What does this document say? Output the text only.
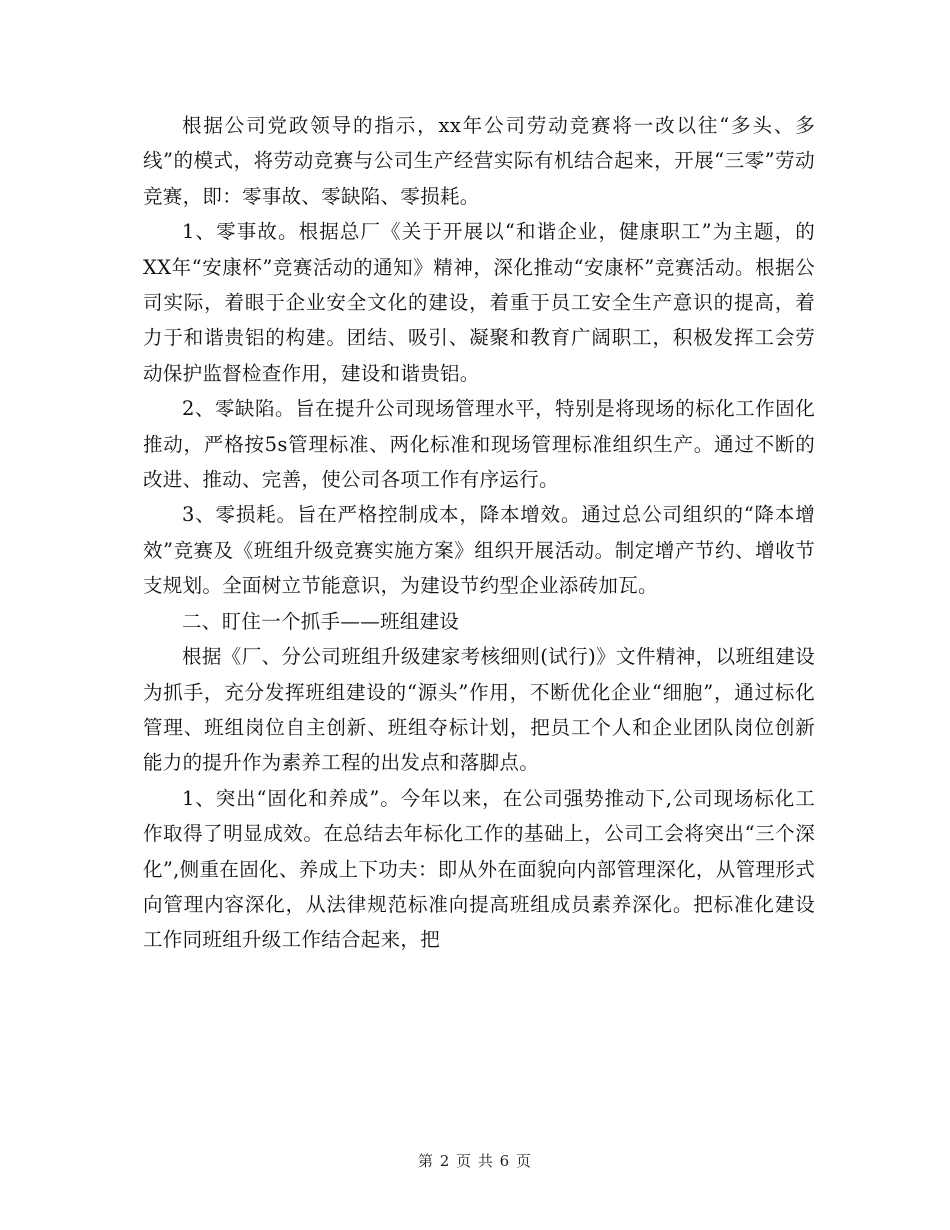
根据公司党政领导的指示，xx年公司劳动竞赛将一改以往“多头、多线”的模式，将劳动竞赛与公司生产经营实际有机结合起来，开展“三零”劳动竞赛，即：零事故、零缺陷、零损耗。

1、零事故。根据总厂《关于开展以“和谐企业，健康职工”为主题，的XX年“安康杯”竞赛活动的通知》精神，深化推动“安康杯”竞赛活动。根据公司实际，着眼于企业安全文化的建设，着重于员工安全生产意识的提高，着力于和谐贵铝的构建。团结、吸引、凝聚和教育广阔职工，积极发挥工会劳动保护监督检查作用，建设和谐贵铝。

2、零缺陷。旨在提升公司现场管理水平，特别是将现场的标化工作固化推动，严格按5s管理标准、两化标准和现场管理标准组织生产。通过不断的改进、推动、完善，使公司各项工作有序运行。

3、零损耗。旨在严格控制成本，降本增效。通过总公司组织的“降本增效”竞赛及《班组升级竞赛实施方案》组织开展活动。制定增产节约、增收节支规划。全面树立节能意识，为建设节约型企业添砖加瓦。

二、盯住一个抓手——班组建设

根据《厂、分公司班组升级建家考核细则(试行)》文件精神，以班组建设为抓手，充分发挥班组建设的“源头”作用，不断优化企业“细胞”，通过标化管理、班组岗位自主创新、班组夺标计划，把员工个人和企业团队岗位创新能力的提升作为素养工程的出发点和落脚点。

1、突出“固化和养成”。今年以来，在公司强势推动下,公司现场标化工作取得了明显成效。在总结去年标化工作的基础上，公司工会将突出“三个深化”,侧重在固化、养成上下功夫：即从外在面貌向内部管理深化，从管理形式向管理内容深化，从法律规范标准向提高班组成员素养深化。把标准化建设工作同班组升级工作结合起来，把

第 2 页 共 6 页
